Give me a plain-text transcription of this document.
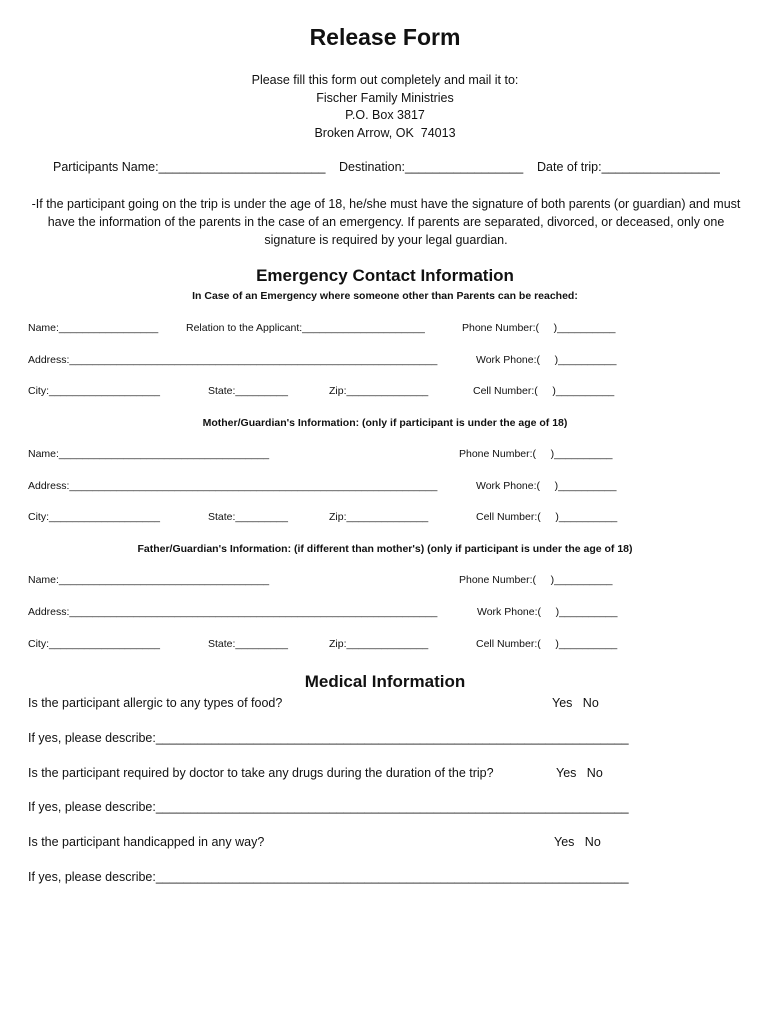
Release Form
Please fill this form out completely and mail it to:
Fischer Family Ministries
P.O. Box 3817
Broken Arrow, OK  74013
Participants Name:________________________ Destination:_________________ Date of trip:_________________
-If the participant going on the trip is under the age of 18, he/she must have the signature of both parents (or guardian) and must have the information of the parents in the case of an emergency. If parents are separated, divorced, or deceased, only one signature is required by your legal guardian.
Emergency Contact Information
In Case of an Emergency where someone other than Parents can be reached:
Name:_________________	Relation to the Applicant:_____________________	Phone Number:(     )__________
Address:_______________________________________________________________	Work Phone:(     )__________
City:___________________	State:_________	Zip:______________	Cell Number:(     )__________
Mother/Guardian's Information: (only if participant is under the age of 18)
Name:____________________________________	Phone Number:(     )__________
Address:_______________________________________________________________	Work Phone:(     )__________
City:___________________	State:_________	Zip:______________	Cell Number:(     )__________
Father/Guardian's Information: (if different than mother's) (only if participant is under the age of 18)
Name:____________________________________	Phone Number:(     )__________
Address:_______________________________________________________________	Work Phone:(     )__________
City:___________________	State:_________	Zip:______________	Cell Number:(     )__________
Medical Information
Is the participant allergic to any types of food?	Yes   No
If yes, please describe:____________________________________________________________________
Is the participant required by doctor to take any drugs during the duration of the trip?	Yes   No
If yes, please describe:____________________________________________________________________
Is the participant handicapped in any way?	Yes   No
If yes, please describe:____________________________________________________________________
